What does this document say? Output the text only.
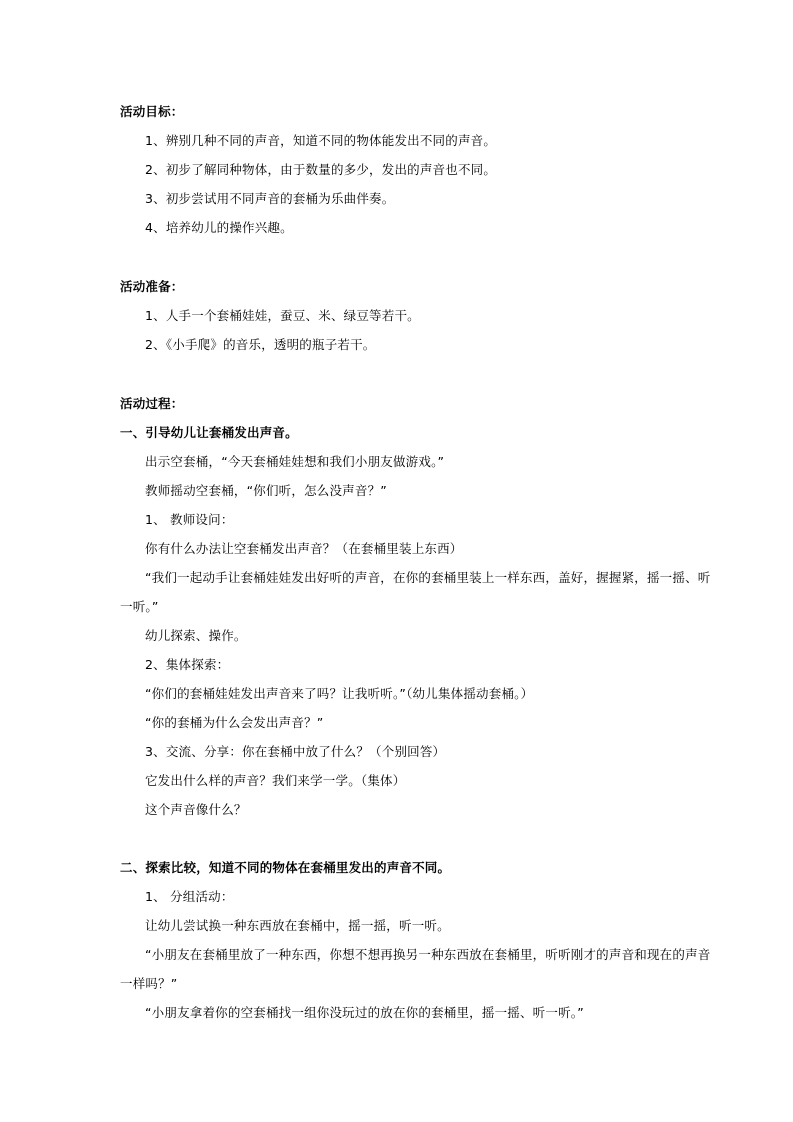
活动目标：
1、辨别几种不同的声音，知道不同的物体能发出不同的声音。
2、初步了解同种物体，由于数量的多少，发出的声音也不同。
3、初步尝试用不同声音的套桶为乐曲伴奏。
4、培养幼儿的操作兴趣。
活动准备：
1、人手一个套桶娃娃，蚕豆、米、绿豆等若干。
2、《小手爬》的音乐，透明的瓶子若干。
活动过程：
一、引导幼儿让套桶发出声音。
出示空套桶，“今天套桶娃娃想和我们小朋友做游戏。”
教师摇动空套桶，“你们听，怎么没声音？”
1、 教师设问：
你有什么办法让空套桶发出声音？（在套桶里装上东西）
“我们一起动手让套桶娃娃发出好听的声音，在你的套桶里装上一样东西，盖好，握握紧，摇一摇、听
一听。”
幼儿探索、操作。
2、集体探索：
“你们的套桶娃娃发出声音来了吗？让我听听。”（幼儿集体摇动套桶。）
“你的套桶为什么会发出声音？”
3、交流、分享：你在套桶中放了什么？（个别回答）
它发出什么样的声音？我们来学一学。（集体）
这个声音像什么？
二、探索比较，知道不同的物体在套桶里发出的声音不同。
1、 分组活动：
让幼儿尝试换一种东西放在套桶中，摇一摇，听一听。
“小朋友在套桶里放了一种东西，你想不想再换另一种东西放在套桶里，听听刚才的声音和现在的声音
一样吗？”
“小朋友拿着你的空套桶找一组你没玩过的放在你的套桶里，摇一摇、听一听。”
